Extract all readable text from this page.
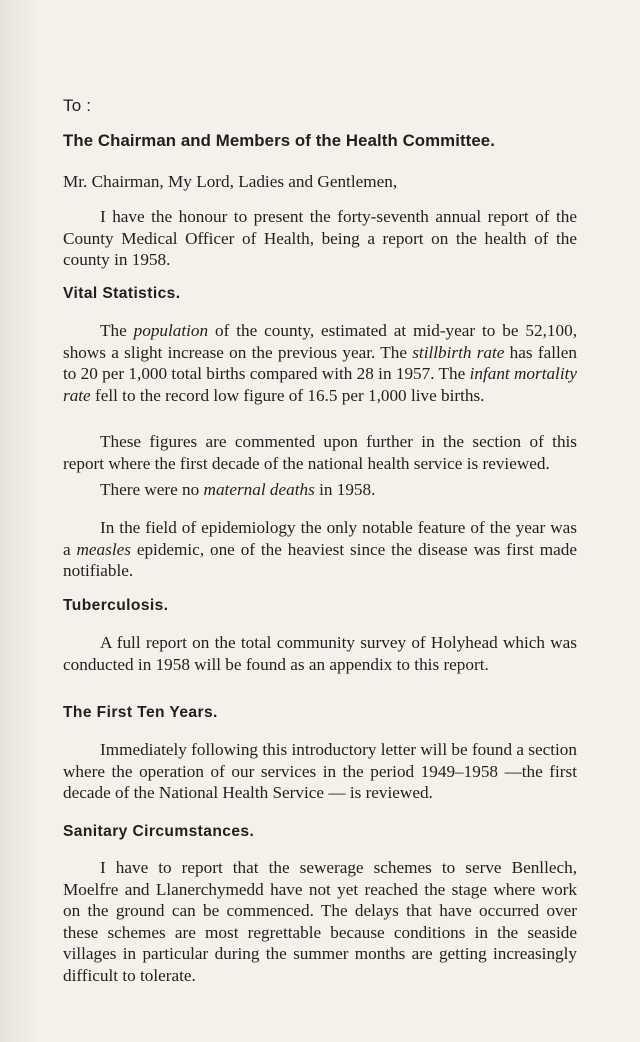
To :
The Chairman and Members of the Health Committee.
Mr. Chairman, My Lord, Ladies and Gentlemen,

I have the honour to present the forty-seventh annual report of the County Medical Officer of Health, being a report on the health of the county in 1958.

Vital Statistics.

The population of the county, estimated at mid-year to be 52,100, shows a slight increase on the previous year. The stillbirth rate has fallen to 20 per 1,000 total births compared with 28 in 1957. The infant mortality rate fell to the record low figure of 16.5 per 1,000 live births.

These figures are commented upon further in the section of this report where the first decade of the national health service is reviewed.

There were no maternal deaths in 1958.

In the field of epidemiology the only notable feature of the year was a measles epidemic, one of the heaviest since the disease was first made notifiable.

Tuberculosis.

A full report on the total community survey of Holyhead which was conducted in 1958 will be found as an appendix to this report.

The First Ten Years.

Immediately following this introductory letter will be found a section where the operation of our services in the period 1949–1958 —the first decade of the National Health Service — is reviewed.

Sanitary Circumstances.

I have to report that the sewerage schemes to serve Benllech, Moelfre and Llanerchymedd have not yet reached the stage where work on the ground can be commenced. The delays that have occurred over these schemes are most regrettable because conditions in the seaside villages in particular during the summer months are getting increasingly difficult to tolerate.
